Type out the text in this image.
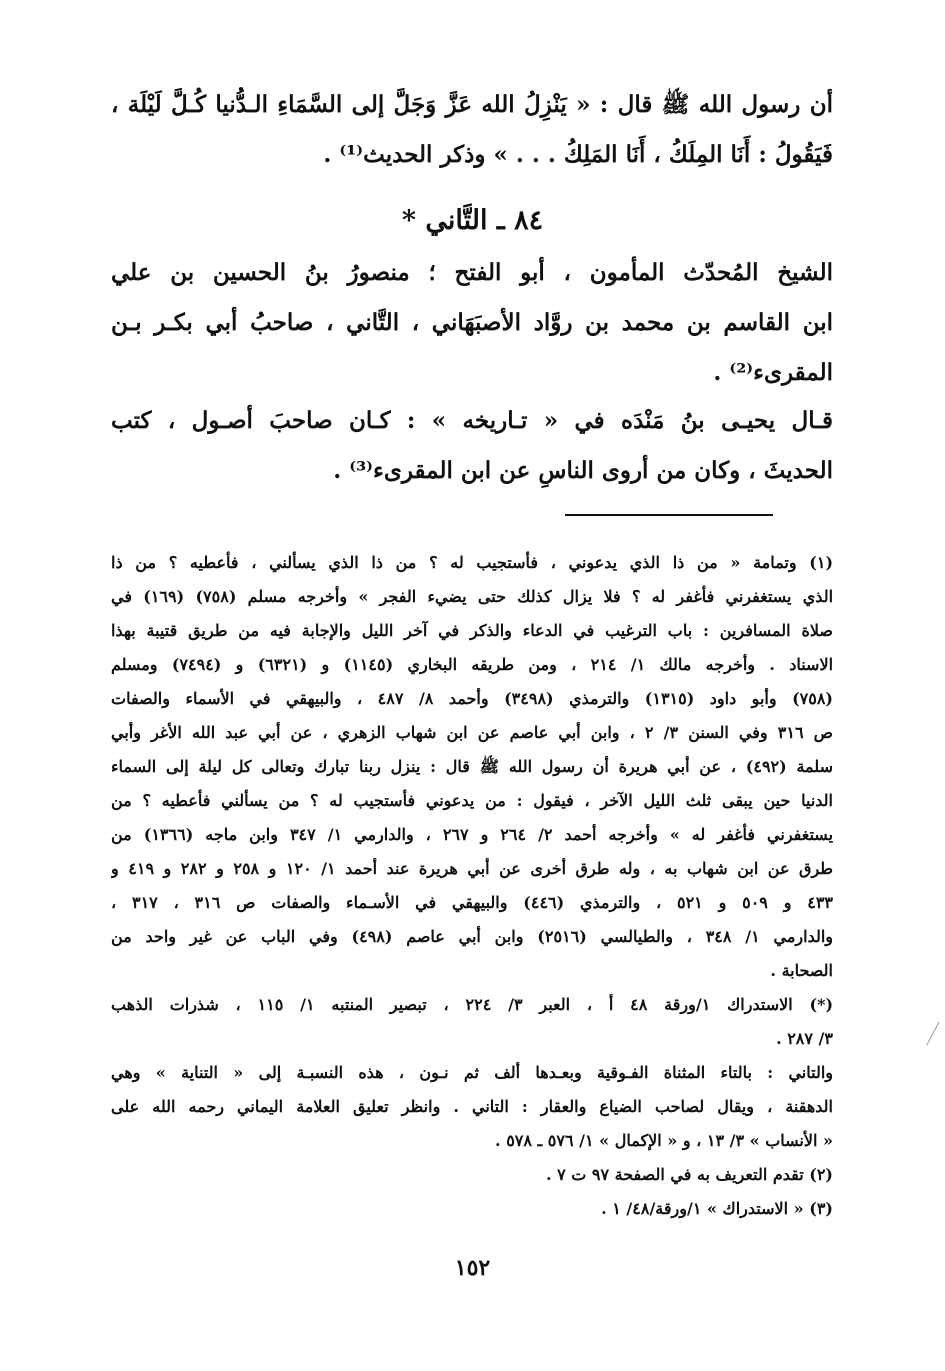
أن رسول الله ﷺ قال : « يَنْزِلُ الله عَزَّ وَجَلَّ إلى السَّمَاءِ الـدُّنيا كُـلَّ لَيْلَة ،
فَيَقُولُ : أَنَا المِلَكُ ، أَنَا المَلِكُ . . . » وذكر الحديث⁽¹⁾ .
٨٤ ـ التَّاني *
الشيخ المُحدّث المأمون ، أبو الفتح ؛ منصورُ بنُ الحسين بن علي
ابن القاسم بن محمد بن روَّاد الأصبَهَاني ، التَّاني ، صاحبُ أبي بكـر بـن
المقرىء⁽²⁾ .
قـال يحيـى بنُ مَنْدَه في « تـاريخه » : كـان صاحبَ أصـول ، كتب
الحديثَ ، وكان من أروى الناسِ عن ابن المقرىء⁽³⁾ .
(١) وتمامة « من ذا الذي يدعوني ، فأستجيب له ؟ من ذا الذي يسألني ، فأعطيه ؟ من ذا
الذي يستغفرني فأغفر له ؟ فلا يزال كذلك حتى يضيء الفجر » وأخرجه مسلم (٧٥٨) (١٦٩) في
صلاة المسافرين : باب الترغيب في الدعاء والذكر في آخر الليل والإجابة فيه من طريق قتيبة بهذا
الاسناد . وأخرجه مالك ١/ ٢١٤ ، ومن طريقه البخاري (١١٤٥) و (٦٣٢١) و (٧٤٩٤) ومسلم
(٧٥٨) وأبو داود (١٣١٥) والترمذي (٣٤٩٨) وأحمد ٨/ ٤٨٧ ، والبيهقي في الأسماء والصفات
ص ٣١٦ وفي السنن ٣/ ٢ ، وابن أبي عاصم عن ابن شهاب الزهري ، عن أبي عبد الله الأغر وأبي
سلمة (٤٩٢) ، عن أبي هريرة أن رسول الله ﷺ قال : ينزل ربنا تبارك وتعالى كل ليلة إلى السماء
الدنيا حين يبقى ثلث الليل الآخر ، فيقول : من يدعوني فأستجيب له ؟ من يسألني فأعطيه ؟ من
يستغفرني فأغفر له » وأخرجه أحمد ٢/ ٢٦٤ و ٢٦٧ ، والدارمي ١/ ٣٤٧ وابن ماجه (١٣٦٦) من
طرق عن ابن شهاب به ، وله طرق أخرى عن أبي هريرة عند أحمد ١/ ١٢٠ و ٢٥٨ و ٢٨٢ و ٤١٩ و
٤٣٣ و ٥٠٩ و ٥٢١ ، والترمذي (٤٤٦) والبيهقي في الأسـماء والصفات ص ٣١٦ ، ٣١٧ ،
والدارمي ١/ ٣٤٨ ، والطيالسي (٢٥١٦) وابن أبي عاصم (٤٩٨) وفي الباب عن غير واحد من
الصحابة .
(*) الاستدراك ١/ورقة ٤٨ أ ، العبر ٣/ ٢٢٤ ، تبصير المنتبه ١/ ١١٥ ، شذرات الذهب
٣/ ٢٨٧ .
والتاني : بالتاء المثناة الفـوقية وبعـدها ألف ثم نـون ، هذه النسبـة إلى « التناية » وهي
الدهقنة ، ويقال لصاحب الضياع والعقار : التاني . وانظر تعليق العلامة اليماني رحمه الله على
« الأنساب » ٣/ ١٣ ، و « الإكمال » ١/ ٥٧٦ ـ ٥٧٨ .
(٢) تقدم التعريف به في الصفحة ٩٧ ت ٧ .
(٣) « الاستدراك » ١/ورقة/٤٨/ ١ .
١٥٢
